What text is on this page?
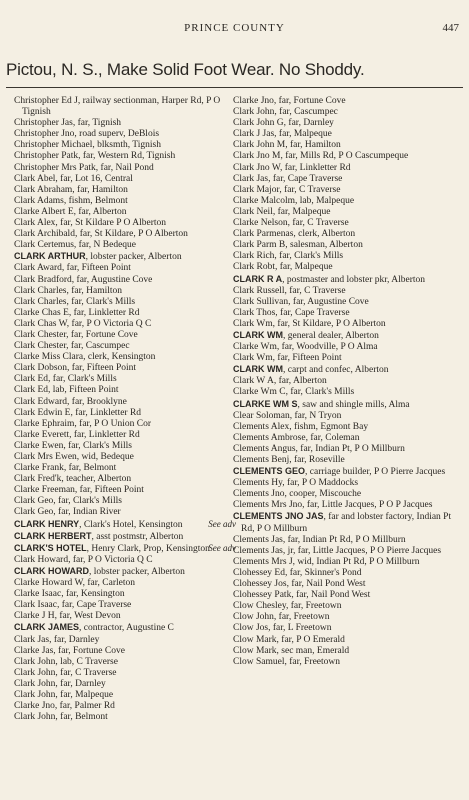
PRINCE COUNTY	447
Pictou, N. S., Make Solid Foot Wear. No Shoddy.
Christopher Ed J, railway sectionman, Harper Rd, P O Tignish
Christopher Jas, far, Tignish
Christopher Jno, road superv, DeBlois
Christopher Michael, blksmth, Tignish
Christopher Patk, far, Western Rd, Tignish
Christopher Mrs Patk, far, Nail Pond
Clark Abel, far, Lot 16, Central
Clark Abraham, far, Hamilton
Clark Adams, fishm, Belmont
Clarke Albert E, far, Alberton
Clark Alex, far, St Kildare P O Alberton
Clark Archibald, far, St Kildare, P O Alberton
Clark Certemus, far, N Bedeque
CLARK ARTHUR, lobster packer, Alberton
Clark Award, far, Fifteen Point
Clark Bradford, far, Augustine Cove
Clark Charles, far, Hamilton
Clark Charles, far, Clark's Mills
Clarke Chas E, far, Linkletter Rd
Clark Chas W, far, P O Victoria Q C
Clark Chester, far, Fortune Cove
Clark Chester, far, Cascumpec
Clarke Miss Clara, clerk, Kensington
Clark Dobson, far, Fifteen Point
Clark Ed, far, Clark's Mills
Clark Ed, lab, Fifteen Point
Clark Edward, far, Brooklyne
Clark Edwin E, far, Linkletter Rd
Clarke Ephraim, far, P O Union Cor
Clarke Everett, far, Linkletter Rd
Clarke Ewen, far, Clark's Mills
Clark Mrs Ewen, wid, Bedeque
Clarke Frank, far, Belmont
Clark Fred'k, teacher, Alberton
Clarke Freeman, far, Fifteen Point
Clark Geo, far, Clark's Mills
Clark Geo, far, Indian River
See adv
CLARK HENRY, Clark's Hotel, Kensington
CLARK HERBERT, asst postmstr, Alberton
See adv
CLARK'S HOTEL, Henry Clark, Prop, Kensington
Clark Howard, far, P O Victoria Q C
CLARK HOWARD, lobster packer, Alberton
Clarke Howard W, far, Carleton
Clarke Isaac, far, Kensington
Clark Isaac, far, Cape Traverse
Clarke J H, far, West Devon
CLARK JAMES, contractor, Augustine C
Clark Jas, far, Darnley
Clarke Jas, far, Fortune Cove
Clark John, lab, C Traverse
Clark John, far, C Traverse
Clark John, far, Darnley
Clark John, far, Malpeque
Clarke Jno, far, Palmer Rd
Clark John, far, Belmont
Clarke Jno, far, Fortune Cove
Clark John, far, Cascumpec
Clark John G, far, Darnley
Clark J Jas, far, Malpeque
Clark John M, far, Hamilton
Clark Jno M, far, Mills Rd, P O Cascumpeque
Clark Jno W, far, Linkletter Rd
Clark Jas, far, Cape Traverse
Clark Major, far, C Traverse
Clarke Malcolm, lab, Malpeque
Clark Neil, far, Malpeque
Clarke Nelson, far, C Traverse
Clark Parmenas, clerk, Alberton
Clark Parm B, salesman, Alberton
Clark Rich, far, Clark's Mills
Clark Robt, far, Malpeque
CLARK R A, postmaster and lobster pkr, Alberton
Clark Russell, far, C Traverse
Clark Sullivan, far, Augustine Cove
Clark Thos, far, Cape Traverse
Clark Wm, far, St Kildare, P O Alberton
CLARK WM, general dealer, Alberton
Clarke Wm, far, Woodville, P O Alma
Clark Wm, far, Fifteen Point
CLARK WM, carpt and confec, Alberton
Clark W A, far, Alberton
Clarke Wm C, far, Clark's Mills
CLARKE WM S, saw and shingle mills, Alma
Clear Soloman, far, N Tryon
Clements Alex, fishm, Egmont Bay
Clements Ambrose, far, Coleman
Clements Angus, far, Indian Pt, P O Millburn
Clements Benj, far, Roseville
CLEMENTS GEO, carriage builder, P O Pierre Jacques
Clements Hy, far, P O Maddocks
Clements Jno, cooper, Miscouche
Clements Mrs Jno, far, Little Jacques, P O P Jacques
CLEMENTS JNO JAS, far and lobster factory, Indian Pt Rd, P O Millburn
Clements Jas, far, Indian Pt Rd, P O Millburn
Clements Jas, jr, far, Little Jacques, P O Pierre Jacques
Clements Mrs J, wid, Indian Pt Rd, P O Millburn
Clohessey Ed, far, Skinner's Pond
Clohessey Jos, far, Nail Pond West
Clohessey Patk, far, Nail Pond West
Clow Chesley, far, Freetown
Clow John, far, Freetown
Clow Jos, far, L Freetown
Clow Mark, far, P O Emerald
Clow Mark, sec man, Emerald
Clow Samuel, far, Freetown
